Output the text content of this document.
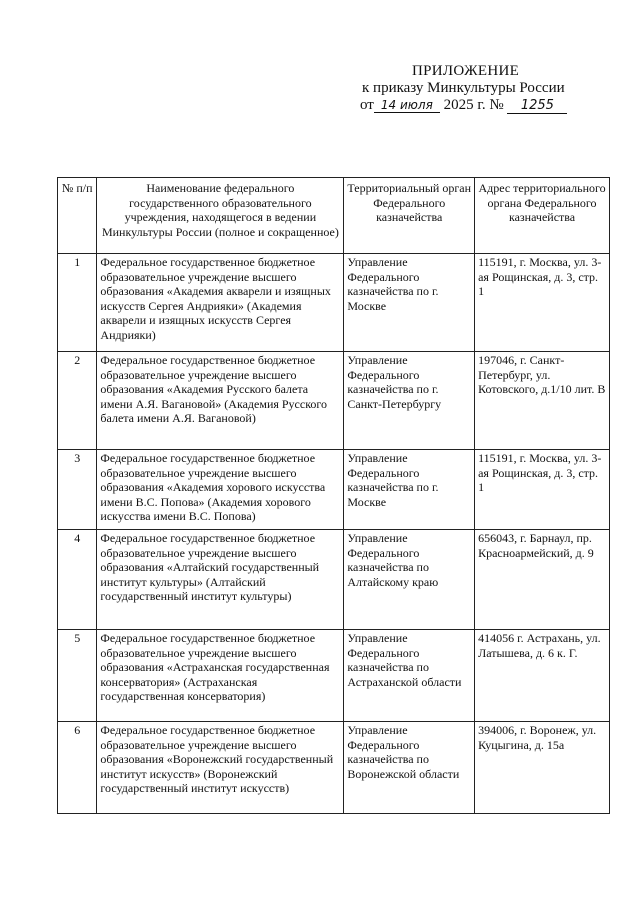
ПРИЛОЖЕНИЕ
к приказу Минкультуры России
от 14 июля 2025 г. № 1255
№ п/п	Наименование федерального государственного образовательного учреждения, находящегося в ведении Минкультуры России (полное и сокращенное)	Территориальный орган Федерального казначейства	Адрес территориального органа Федерального казначейства
1	Федеральное государственное бюджетное образовательное учреждение высшего образования «Академия акварели и изящных искусств Сергея Андрияки» (Академия акварели и изящных искусств Сергея Андрияки)	Управление Федерального казначейства по г. Москве	115191, г. Москва, ул. 3-ая Рощинская, д. 3, стр. 1
2	Федеральное государственное бюджетное образовательное учреждение высшего образования «Академия Русского балета имени А.Я. Вагановой» (Академия Русского балета имени А.Я. Вагановой)	Управление Федерального казначейства по г. Санкт-Петербургу	197046, г. Санкт-Петербург, ул. Котовского, д.1/10 лит. В
3	Федеральное государственное бюджетное образовательное учреждение высшего образования «Академия хорового искусства имени В.С. Попова» (Академия хорового искусства имени В.С. Попова)	Управление Федерального казначейства по г. Москве	115191, г. Москва, ул. 3-ая Рощинская, д. 3, стр. 1
4	Федеральное государственное бюджетное образовательное учреждение высшего образования «Алтайский государственный институт культуры» (Алтайский государственный институт культуры)	Управление Федерального казначейства по Алтайскому краю	656043, г. Барнаул, пр. Красноармейский, д. 9
5	Федеральное государственное бюджетное образовательное учреждение высшего образования «Астраханская государственная консерватория» (Астраханская государственная консерватория)	Управление Федерального казначейства по Астраханской области	414056 г. Астрахань, ул. Латышева, д. 6 к. Г.
6	Федеральное государственное бюджетное образовательное учреждение высшего образования «Воронежский государственный институт искусств» (Воронежский государственный институт искусств)	Управление Федерального казначейства по Воронежской области	394006, г. Воронеж, ул. Куцыгина, д. 15а
